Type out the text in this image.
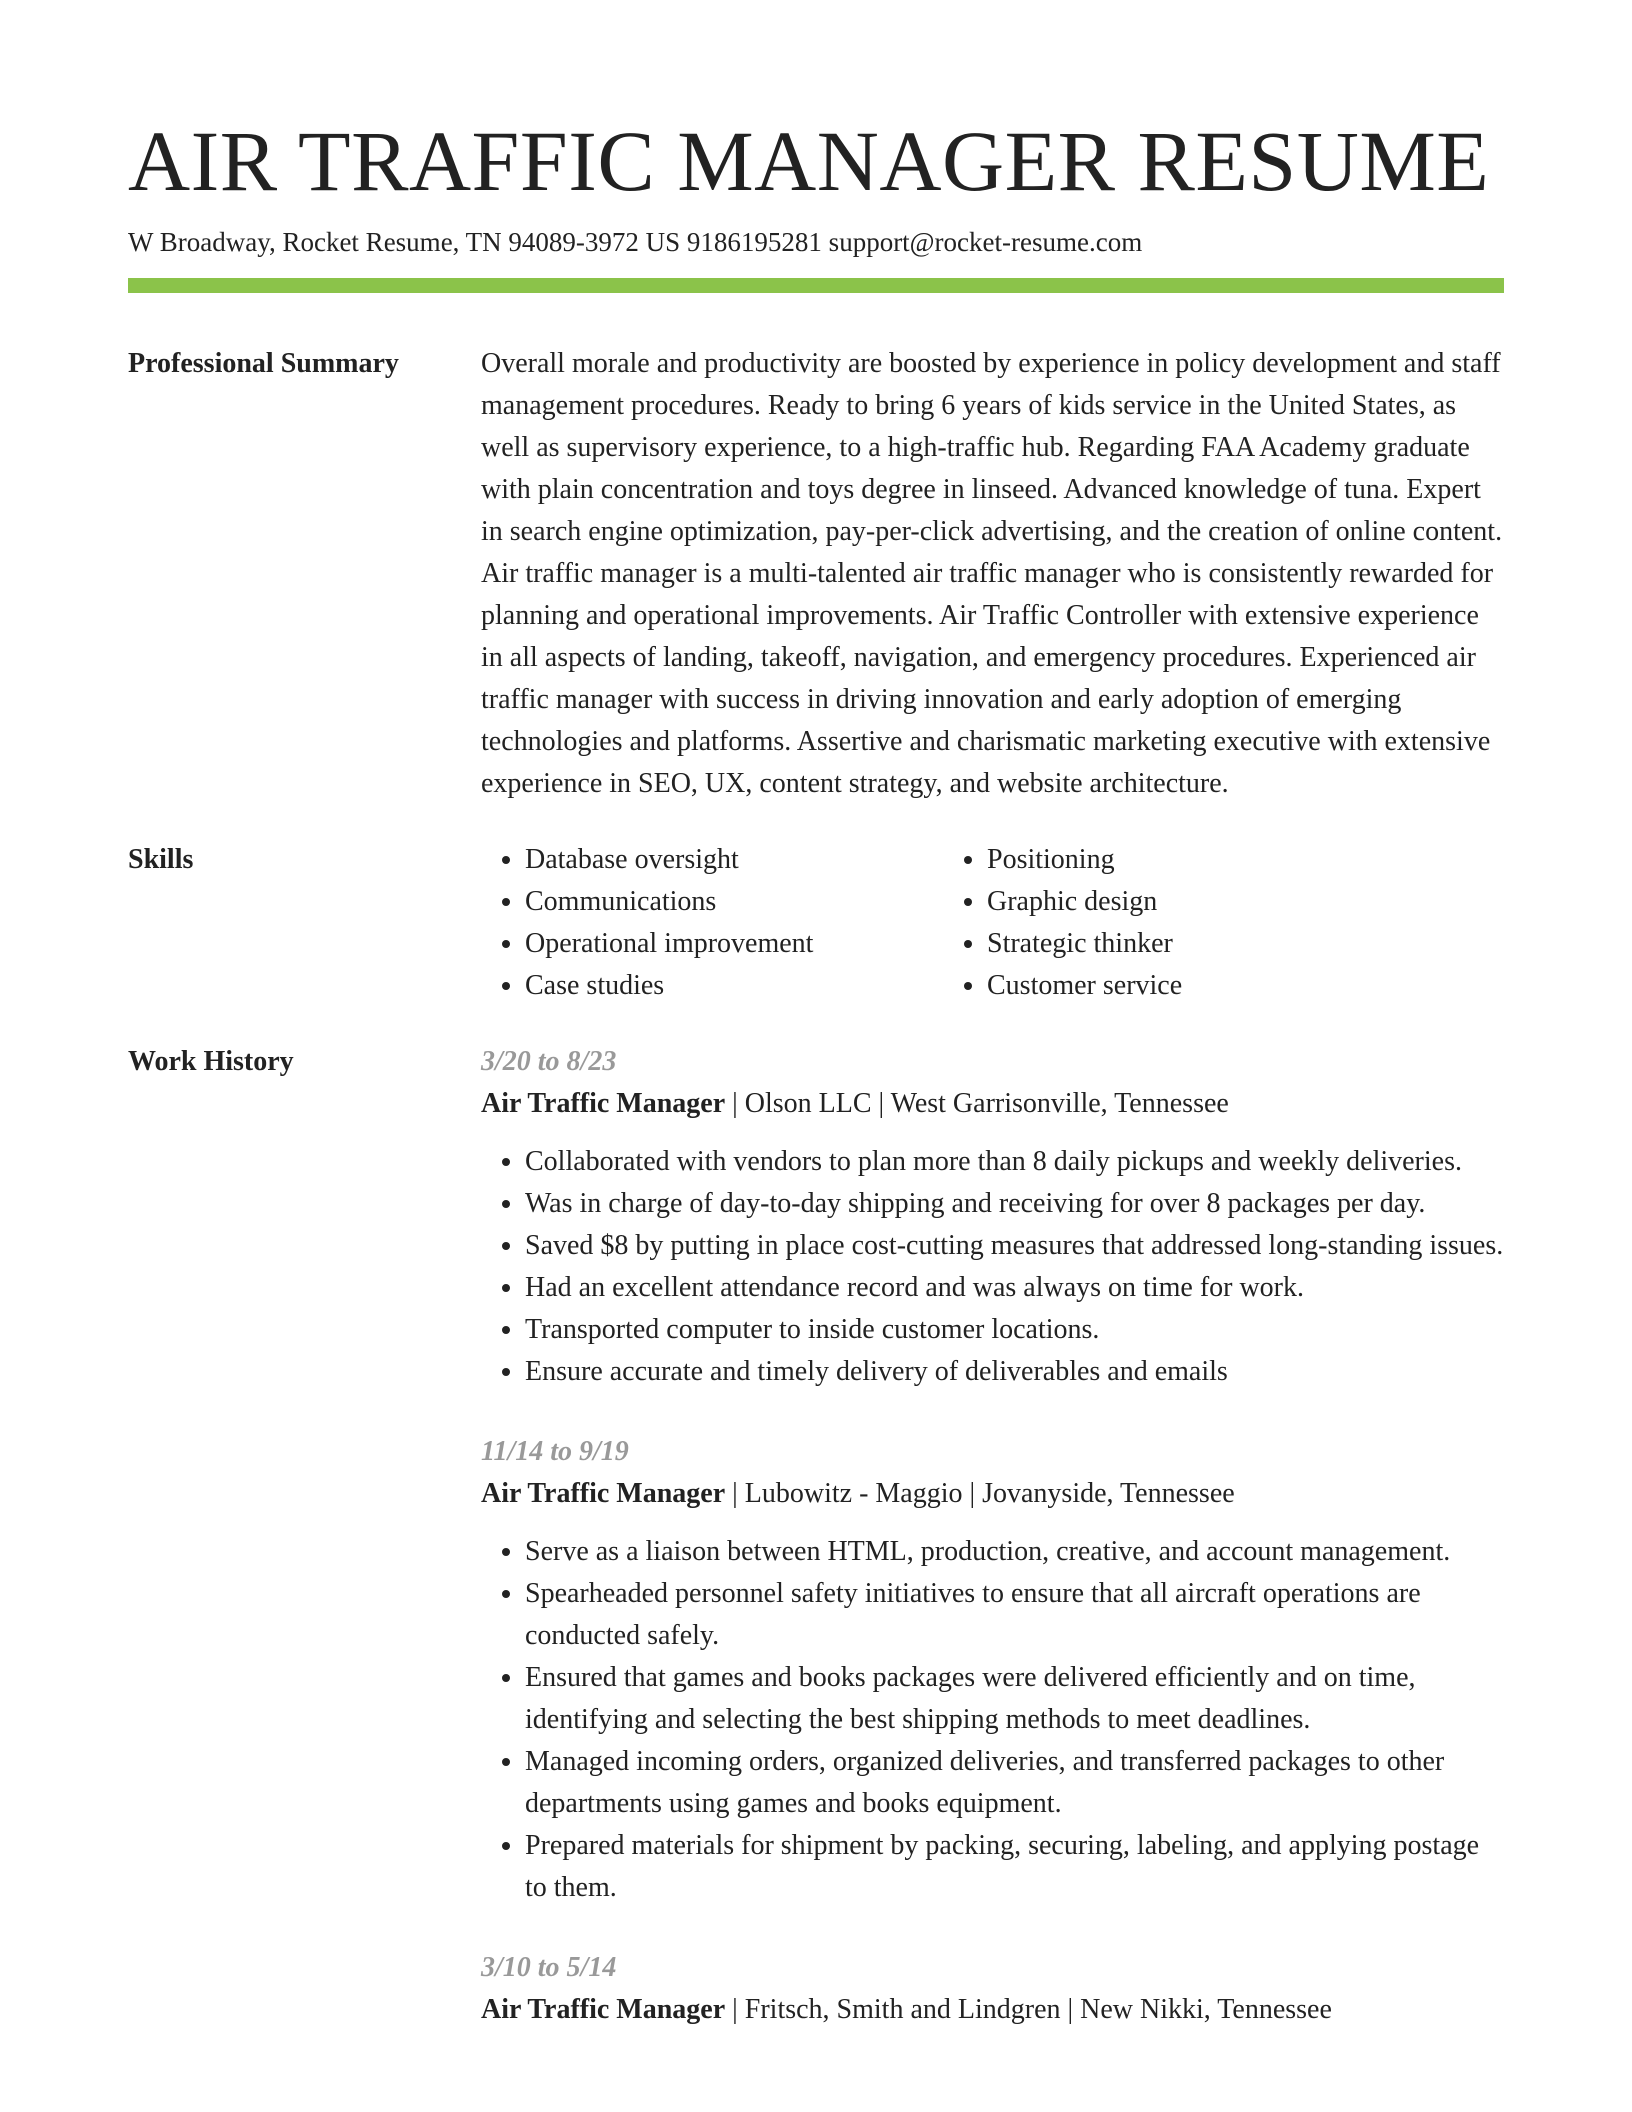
AIR TRAFFIC MANAGER RESUME
W Broadway, Rocket Resume, TN 94089-3972 US 9186195281 support@rocket-resume.com
Professional Summary	Overall morale and productivity are boosted by experience in policy development and staff management procedures. Ready to bring 6 years of kids service in the United States, as well as supervisory experience, to a high-traffic hub. Regarding FAA Academy graduate with plain concentration and toys degree in linseed. Advanced knowledge of tuna. Expert in search engine optimization, pay-per-click advertising, and the creation of online content. Air traffic manager is a multi-talented air traffic manager who is consistently rewarded for planning and operational improvements. Air Traffic Controller with extensive experience in all aspects of landing, takeoff, navigation, and emergency procedures. Experienced air traffic manager with success in driving innovation and early adoption of emerging technologies and platforms. Assertive and charismatic marketing executive with extensive experience in SEO, UX, content strategy, and website architecture.

Skills
•	Database oversight
• Communications
• Operational improvement
• Case studies
• Positioning
• Graphic design
• Strategic thinker
• Customer service
Work History	3/20 to 8/23
Air Traffic Manager | Olson LLC | West Garrisonville, Tennessee
• Collaborated with vendors to plan more than 8 daily pickups and weekly deliveries.
• Was in charge of day-to-day shipping and receiving for over 8 packages per day.
• Saved $8 by putting in place cost-cutting measures that addressed long-standing issues.
• Had an excellent attendance record and was always on time for work.
• Transported computer to inside customer locations.
• Ensure accurate and timely delivery of deliverables and emails
11/14 to 9/19
Air Traffic Manager | Lubowitz - Maggio | Jovanyside, Tennessee
• Serve as a liaison between HTML, production, creative, and account management.
• Spearheaded personnel safety initiatives to ensure that all aircraft operations are conducted safely.
• Ensured that games and books packages were delivered efficiently and on time, identifying and selecting the best shipping methods to meet deadlines.
• Managed incoming orders, organized deliveries, and transferred packages to other departments using games and books equipment.
• Prepared materials for shipment by packing, securing, labeling, and applying postage to them.
3/10 to 5/14
Air Traffic Manager | Fritsch, Smith and Lindgren | New Nikki, Tennessee
